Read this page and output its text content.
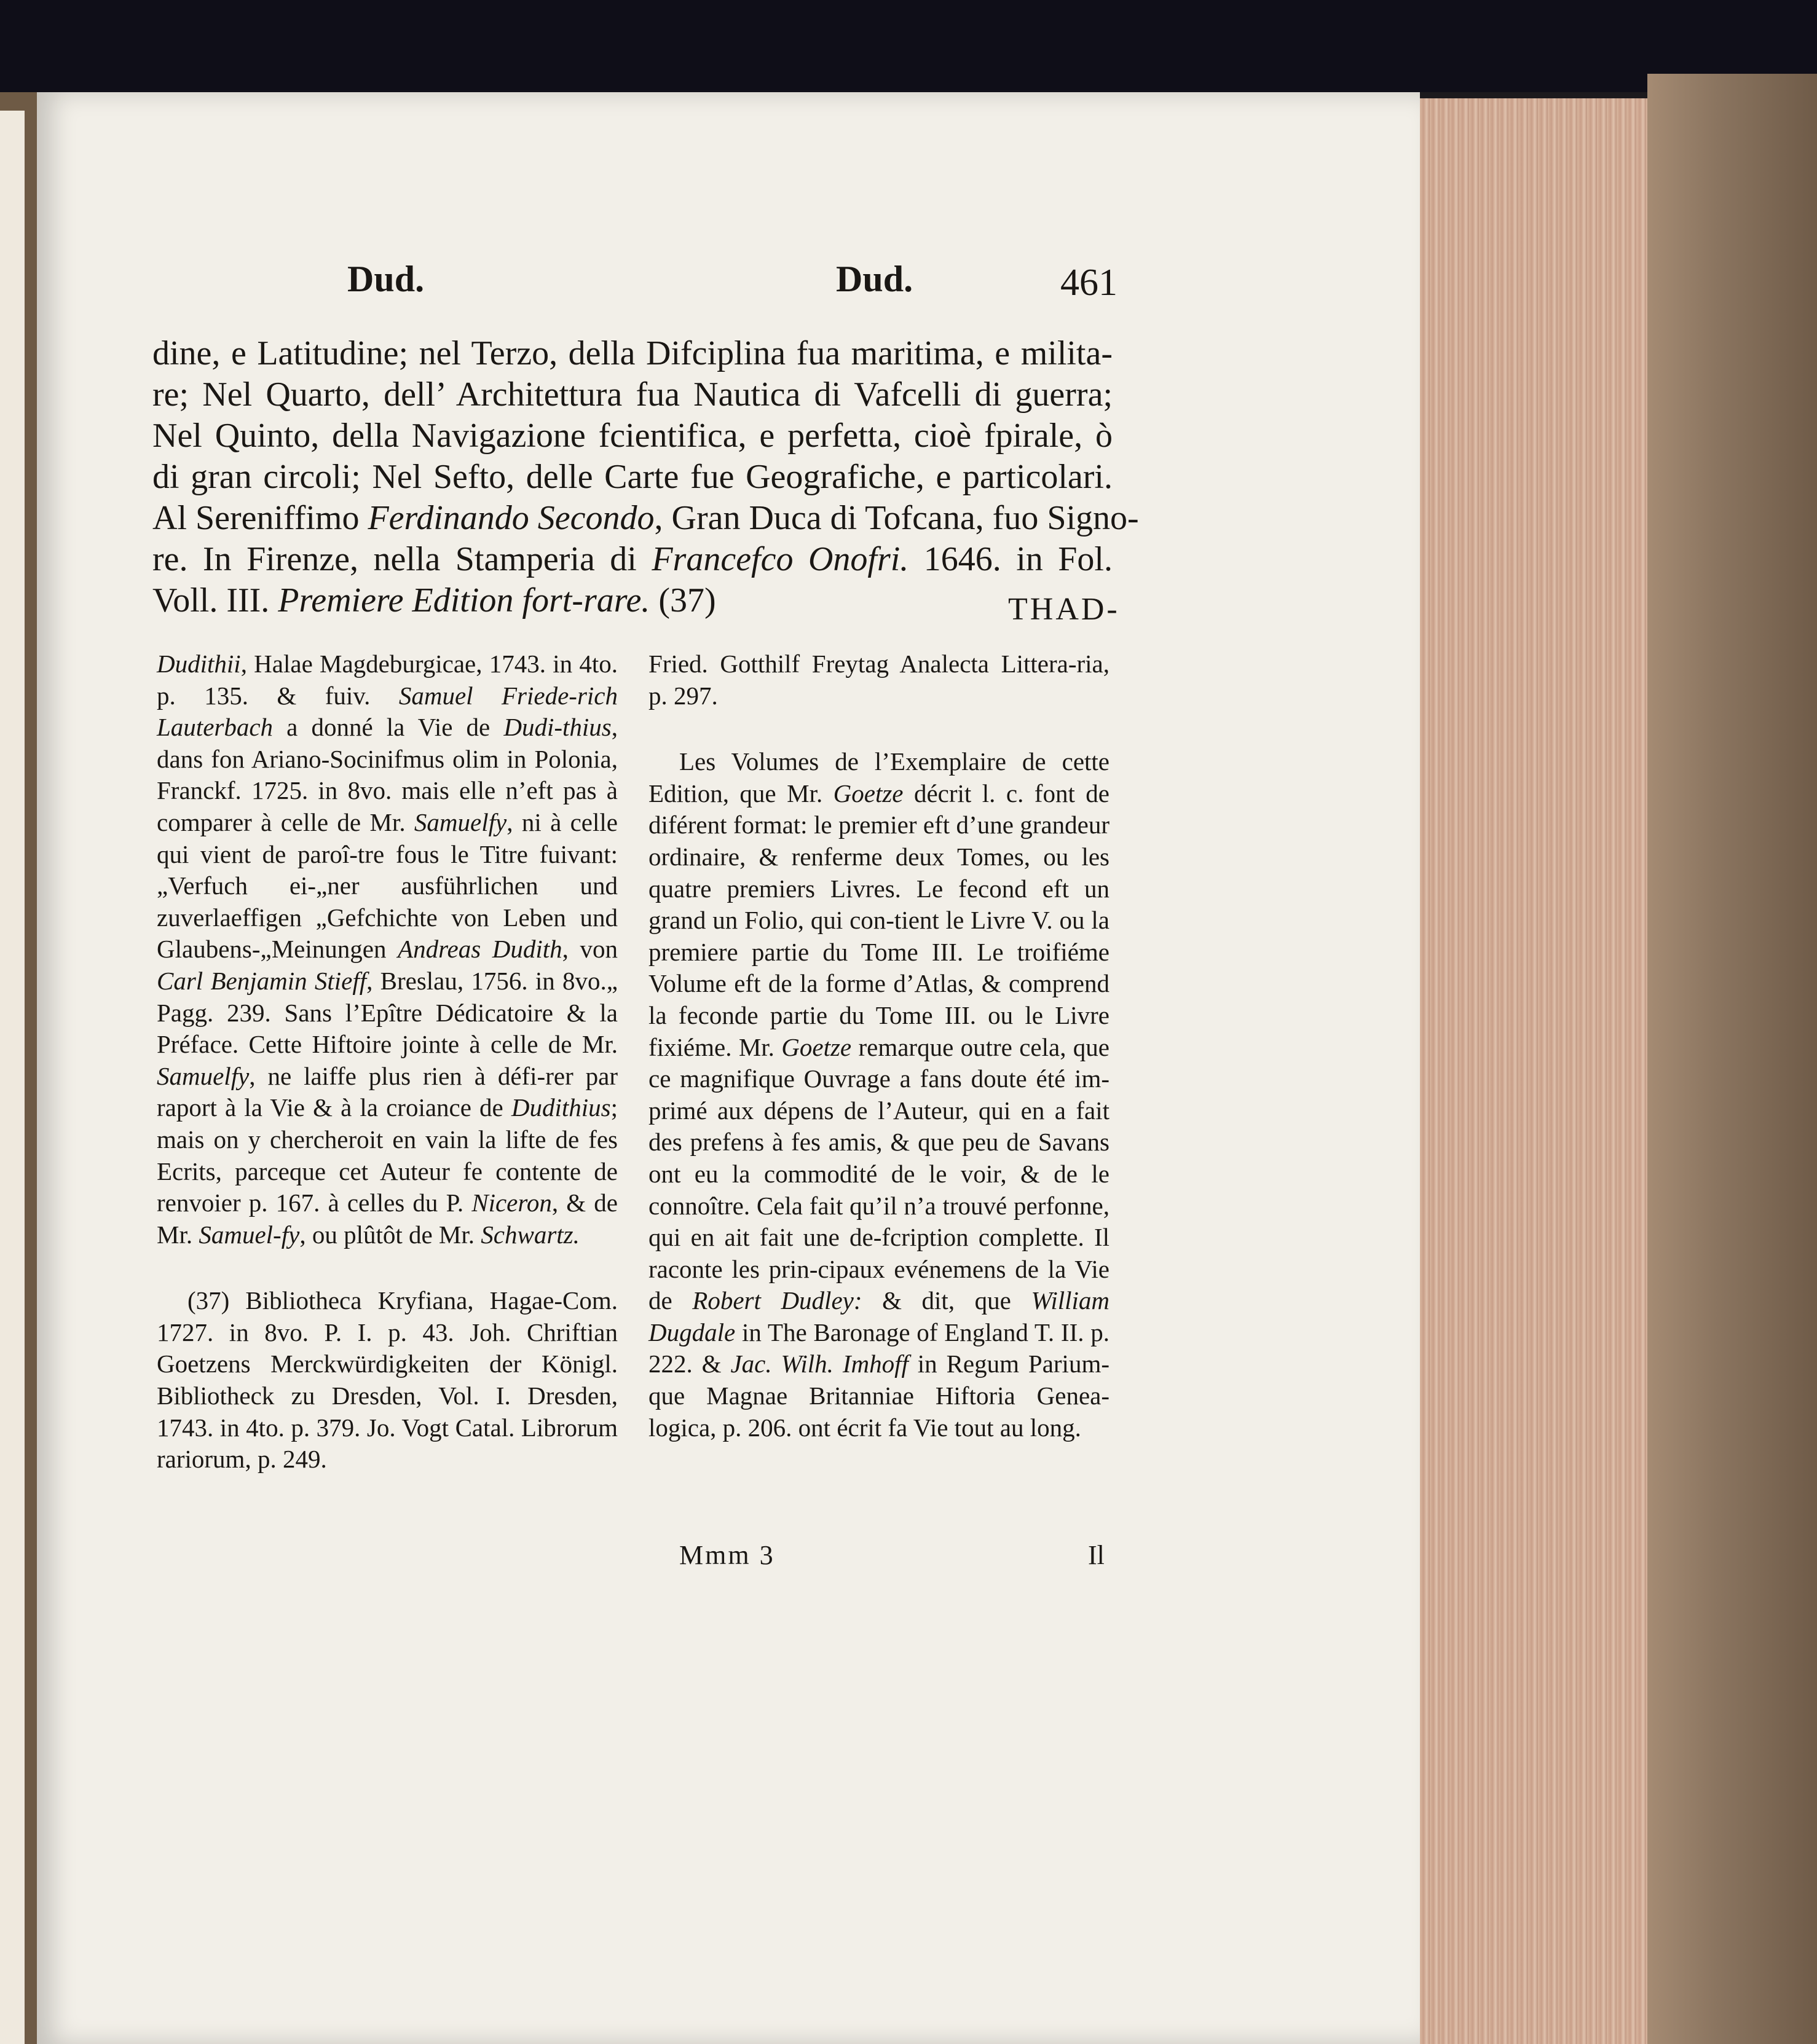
Dud.	Dud.	461
dine, e Latitudine; nel Terzo, della Difciplina fua maritima, e milita-
re; Nel Quarto, dell’ Architettura fua Nautica di Vafcelli di guerra;
Nel Quinto, della Navigazione fcientifica, e perfetta, cioè fpirale, ò
di gran circoli; Nel Sefto, delle Carte fue Geografiche, e particolari.
Al Sereniffimo Ferdinando Secondo, Gran Duca di Tofcana, fuo Signo-
re. In Firenze, nella Stamperia di Francefco Onofri. 1646. in Fol.
Voll. III. Premiere Edition fort-rare. (37)	THAD-

Dudithii, Halae Magdeburgicae, 1743. in 4to. p. 135. & fuiv. Samuel Friede-rich Lauterbach a donné la Vie de Dudi-thius, dans fon Ariano-Socinifmus olim in Polonia, Franckf. 1725. in 8vo. mais elle n’eft pas à comparer à celle de Mr. Samuelfy, ni à celle qui vient de paroî-tre fous le Titre fuivant: „Verfuch ei-„ner ausführlichen und zuverlaeffigen „Gefchichte von Leben und Glaubens-„Meinungen Andreas Dudith, von Carl Benjamin Stieff, Breslau, 1756. in 8vo.„ Pagg. 239. Sans l’Epître Dédicatoire & la Préface. Cette Hiftoire jointe à celle de Mr. Samuelfy, ne laiffe plus rien à défi-rer par raport à la Vie & à la croiance de Dudithius; mais on y chercheroit en vain la lifte de fes Ecrits, parceque cet Auteur fe contente de renvoier p. 167. à celles du P. Niceron, & de Mr. Samuel-fy, ou plûtôt de Mr. Schwartz.

(37) Bibliotheca Kryfiana, Hagae-Com. 1727. in 8vo. P. I. p. 43. Joh. Chriftian Goetzens Merckwürdigkeiten der Königl. Bibliotheck zu Dresden, Vol. I. Dresden, 1743. in 4to. p. 379. Jo. Vogt Catal. Librorum rariorum, p. 249.

Fried. Gotthilf Freytag Analecta Littera-ria, p. 297.

Les Volumes de l’Exemplaire de cette Edition, que Mr. Goetze décrit l. c. font de diférent format: le premier eft d’une grandeur ordinaire, & renferme deux Tomes, ou les quatre premiers Livres. Le fecond eft un grand un Folio, qui con-tient le Livre V. ou la premiere partie du Tome III. Le troifiéme Volume eft de la forme d’Atlas, & comprend la feconde partie du Tome III. ou le Livre fixiéme. Mr. Goetze remarque outre cela, que ce magnifique Ouvrage a fans doute été im-primé aux dépens de l’Auteur, qui en a fait des prefens à fes amis, & que peu de Savans ont eu la commodité de le voir, & de le connoître. Cela fait qu’il n’a trouvé perfonne, qui en ait fait une de-fcription complette. Il raconte les prin-cipaux evénemens de la Vie de Robert Dudley: & dit, que William Dugdale in The Baronage of England T. II. p. 222. & Jac. Wilh. Imhoff in Regum Parium-que Magnae Britanniae Hiftoria Genea-logica, p. 206. ont écrit fa Vie tout au long.

Mmm 3	Il
